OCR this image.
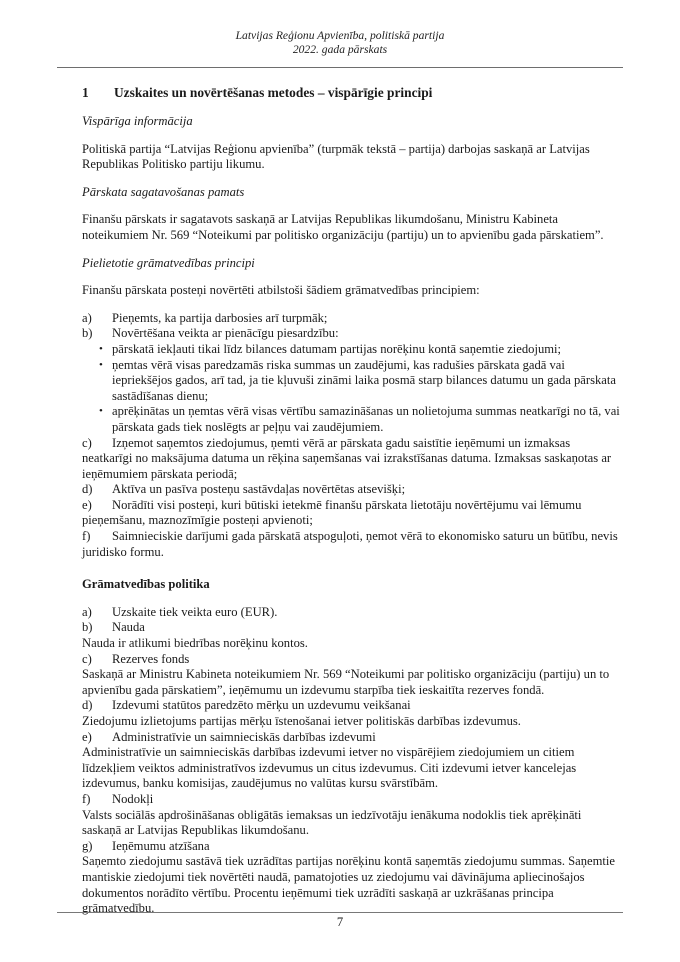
Latvijas Reģionu Apvienība, politiskā partija
2022. gada pārskats
1 Uzskaites un novērtēšanas metodes – vispārīgie principi

Vispārīga informācija

Politiskā partija “Latvijas Reģionu apvienība” (turpmāk tekstā – partija) darbojas saskaņā ar Latvijas Republikas Politisko partiju likumu.

Pārskata sagatavošanas pamats

Finanšu pārskats ir sagatavots saskaņā ar Latvijas Republikas likumdošanu, Ministru Kabineta noteikumiem Nr. 569 “Noteikumi par politisko organizāciju (partiju) un to apvienību gada pārskatiem”.

Pielietotie grāmatvedības principi

Finanšu pārskata posteņi novērtēti atbilstoši šādiem grāmatvedības principiem:

a) Pieņemts, ka partija darbosies arī turpmāk;

b) Novērtēšana veikta ar pienācīgu piesardzību:

• pārskatā iekļauti tikai līdz bilances datumam partijas norēķinu kontā saņemtie ziedojumi;
• ņemtas vērā visas paredzamās riska summas un zaudējumi, kas radušies pārskata gadā vai iepriekšējos gados, arī tad, ja tie kļuvuši zināmi laika posmā starp bilances datumu un gada pārskata sastādīšanas dienu;
• aprēķinātas un ņemtas vērā visas vērtību samazināšanas un nolietojuma summas neatkarīgi no tā, vai pārskata gads tiek noslēgts ar peļņu vai zaudējumiem.

c) Izņemot saņemtos ziedojumus, ņemti vērā ar pārskata gadu saistītie ieņēmumi un izmaksas neatkarīgi no maksājuma datuma un rēķina saņemšanas vai izrakstīšanas datuma. Izmaksas saskaņotas ar ieņēmumiem pārskata periodā;

d) Aktīva un pasīva posteņu sastāvdaļas novērtētas atsevišķi;

e) Norādīti visi posteņi, kuri būtiski ietekmē finanšu pārskata lietotāju novērtējumu vai lēmumu pieņemšanu, maznozīmīgie posteņi apvienoti;

f) Saimnieciskie darījumi gada pārskatā atspoguļoti, ņemot vērā to ekonomisko saturu un būtību, nevis juridisko formu.

Grāmatvedības politika

a) Uzskaite tiek veikta euro (EUR).

b) Nauda

Nauda ir atlikumi biedrības norēķinu kontos.

c) Rezerves fonds

Saskaņā ar Ministru Kabineta noteikumiem Nr. 569 “Noteikumi par politisko organizāciju (partiju) un to apvienību gada pārskatiem”, ieņēmumu un izdevumu starpība tiek ieskaitīta rezerves fondā.

d) Izdevumi statūtos paredzēto mērķu un uzdevumu veikšanai

Ziedojumu izlietojums partijas mērķu īstenošanai ietver politiskās darbības izdevumus.

e) Administratīvie un saimnieciskās darbības izdevumi

Administratīvie un saimnieciskās darbības izdevumi ietver no vispārējiem ziedojumiem un citiem līdzekļiem veiktos administratīvos izdevumus un citus izdevumus. Citi izdevumi ietver kancelejas izdevumus, banku komisijas, zaudējumus no valūtas kursu svārstībām.

f) Nodokļi

Valsts sociālās apdrošināšanas obligātās iemaksas un iedzīvotāju ienākuma nodoklis tiek aprēķināti saskaņā ar Latvijas Republikas likumdošanu.

g) Ieņēmumu atzīšana

Saņemto ziedojumu sastāvā tiek uzrādītas partijas norēķinu kontā saņemtās ziedojumu summas. Saņemtie mantiskie ziedojumi tiek novērtēti naudā, pamatojoties uz ziedojumu vai dāvinājuma apliecinošajos dokumentos norādīto vērtību. Procentu ieņēmumi tiek uzrādīti saskaņā ar uzkrāšanas principa grāmatvedību.

7
